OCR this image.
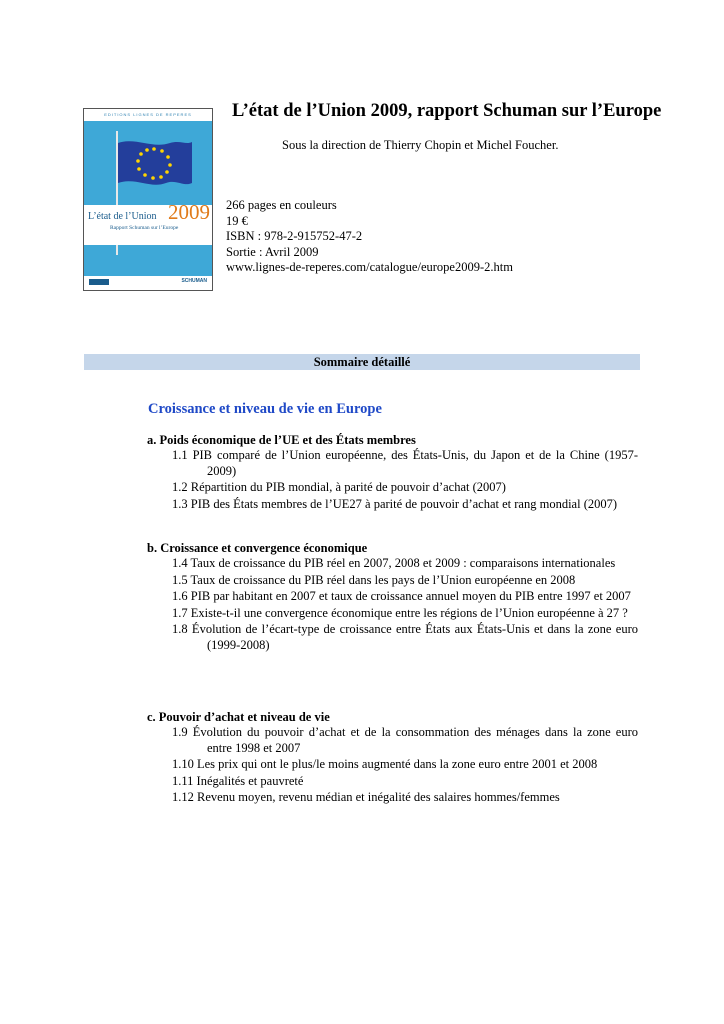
EDITIONS LIGNES DE REPERES
L’état de l’Union 2009
Rapport Schuman sur l’Europe
SCHUMAN
L’état de l’Union 2009, rapport Schuman sur l’Europe
Sous la direction de Thierry Chopin et Michel Foucher.
266 pages en couleurs
19 €
ISBN : 978-2-915752-47-2
Sortie : Avril 2009
www.lignes-de-reperes.com/catalogue/europe2009-2.htm
Sommaire détaillé
Croissance et niveau de vie en Europe
a. Poids économique de l’UE et des États membres
1.1 PIB comparé de l’Union européenne, des États-Unis, du Japon et de la Chine (1957-2009)
1.2 Répartition du PIB mondial, à parité de pouvoir d’achat (2007)
1.3 PIB des États membres de l’UE27 à parité de pouvoir d’achat et rang mondial (2007)
b. Croissance et convergence économique
1.4 Taux de croissance du PIB réel en 2007, 2008 et 2009 : comparaisons internationales
1.5 Taux de croissance du PIB réel dans les pays de l’Union européenne en 2008
1.6 PIB par habitant en 2007 et taux de croissance annuel moyen du PIB entre 1997 et 2007
1.7 Existe-t-il une convergence économique entre les régions de l’Union européenne à 27 ?
1.8 Évolution de l’écart-type de croissance entre États aux États-Unis et dans la zone euro (1999-2008)
c. Pouvoir d’achat et niveau de vie
1.9 Évolution du pouvoir d’achat et de la consommation des ménages dans la zone euro entre 1998 et 2007
1.10 Les prix qui ont le plus/le moins augmenté dans la zone euro entre 2001 et 2008
1.11 Inégalités et pauvreté
1.12 Revenu moyen, revenu médian et inégalité des salaires hommes/femmes
